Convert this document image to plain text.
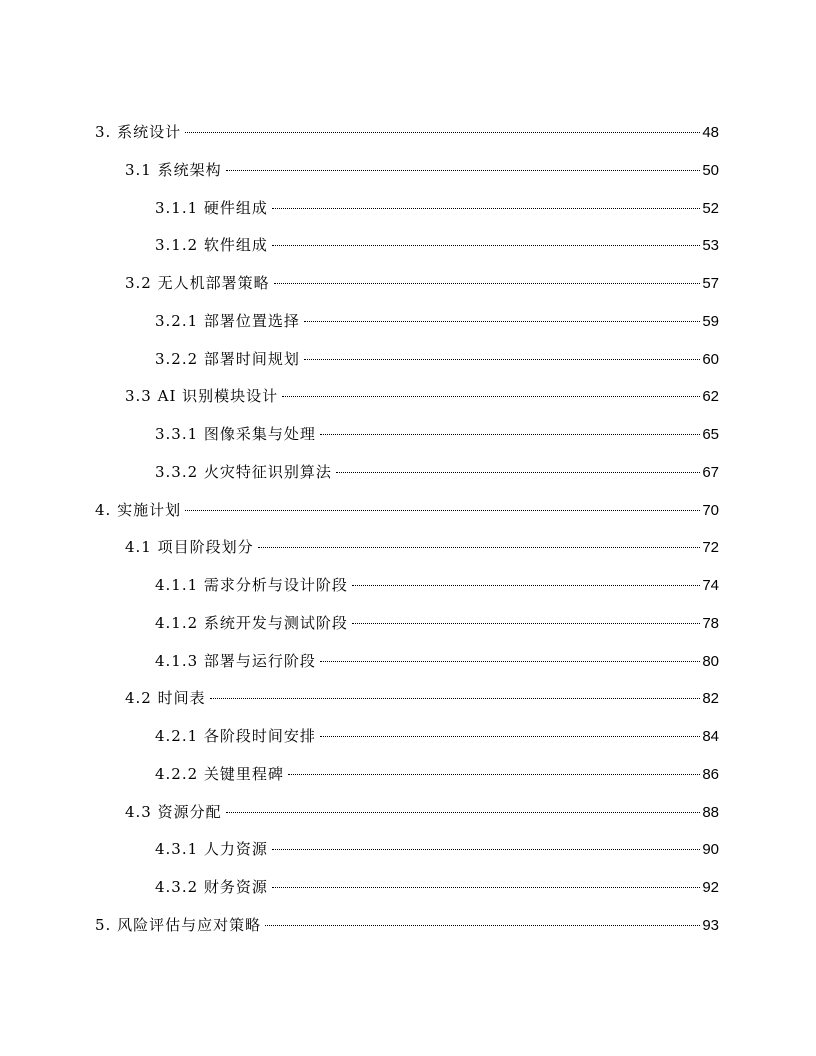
3. 系统设计	48
3.1 系统架构	50
3.1.1 硬件组成	52
3.1.2 软件组成	53
3.2 无人机部署策略	57
3.2.1 部署位置选择	59
3.2.2 部署时间规划	60
3.3 AI 识别模块设计	62
3.3.1 图像采集与处理	65
3.3.2 火灾特征识别算法	67
4. 实施计划	70
4.1 项目阶段划分	72
4.1.1 需求分析与设计阶段	74
4.1.2 系统开发与测试阶段	78
4.1.3 部署与运行阶段	80
4.2 时间表	82
4.2.1 各阶段时间安排	84
4.2.2 关键里程碑	86
4.3 资源分配	88
4.3.1 人力资源	90
4.3.2 财务资源	92
5. 风险评估与应对策略	93
